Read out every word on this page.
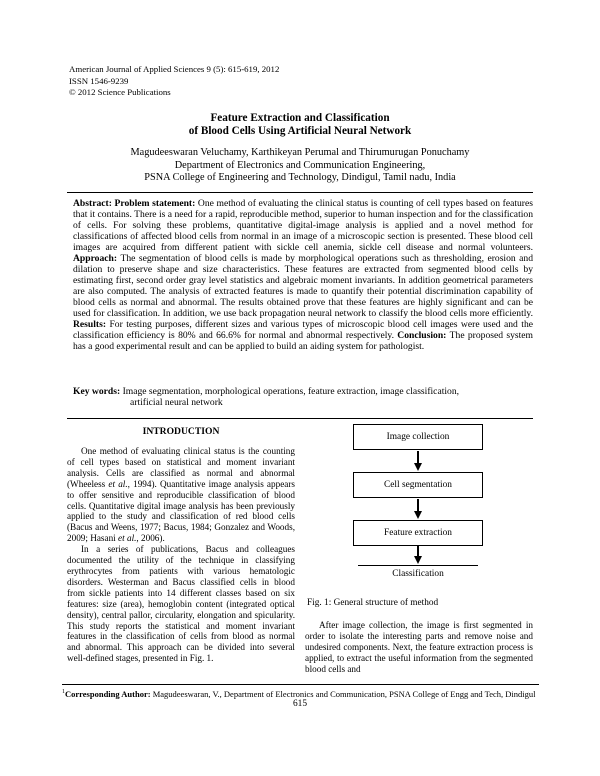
American Journal of Applied Sciences 9 (5): 615-619, 2012
ISSN 1546-9239
© 2012 Science Publications
Feature Extraction and Classification
of Blood Cells Using Artificial Neural Network
Magudeeswaran Veluchamy, Karthikeyan Perumal and Thirumurugan Ponuchamy
Department of Electronics and Communication Engineering,
PSNA College of Engineering and Technology, Dindigul, Tamil nadu, India

Abstract: Problem statement: One method of evaluating the clinical status is counting of cell types based on features that it contains. There is a need for a rapid, reproducible method, superior to human inspection and for the classification of cells. For solving these problems, quantitative digital-image analysis is applied and a novel method for classifications of affected blood cells from normal in an image of a microscopic section is presented. These blood cell images are acquired from different patient with sickle cell anemia, sickle cell disease and normal volunteers. Approach: The segmentation of blood cells is made by morphological operations such as thresholding, erosion and dilation to preserve shape and size characteristics. These features are extracted from segmented blood cells by estimating first, second order gray level statistics and algebraic moment invariants. In addition geometrical parameters are also computed. The analysis of extracted features is made to quantify their potential discrimination capability of blood cells as normal and abnormal. The results obtained prove that these features are highly significant and can be used for classification. In addition, we use back propagation neural network to classify the blood cells more efficiently. Results: For testing purposes, different sizes and various types of microscopic blood cell images were used and the classification efficiency is 80% and 66.6% for normal and abnormal respectively. Conclusion: The proposed system has a good experimental result and can be applied to build an aiding system for pathologist.

Key words: Image segmentation, morphological operations, feature extraction, image classification,
artificial neural network
INTRODUCTION

One method of evaluating clinical status is the counting of cell types based on statistical and moment invariant analysis. Cells are classified as normal and abnormal (Wheeless et al., 1994). Quantitative image analysis appears to offer sensitive and reproducible classification of blood cells. Quantitative digital image analysis has been previously applied to the study and classification of red blood cells (Bacus and Weens, 1977; Bacus, 1984; Gonzalez and Woods, 2009; Hasani et al., 2006).

In a series of publications, Bacus and colleagues documented the utility of the technique in classifying erythrocytes from patients with various hematologic disorders. Westerman and Bacus classified cells in blood from sickle patients into 14 different classes based on six features: size (area), hemoglobin content (integrated optical density), central pallor, circularity, elongation and spicularity. This study reports the statistical and moment invariant features in the classification of cells from blood as normal and abnormal. This approach can be divided into several well-defined stages, presented in Fig. 1.

Image collection
Cell segmentation
Feature extraction
Classification

Fig. 1: General structure of method

After image collection, the image is first segmented in order to isolate the interesting parts and remove noise and undesired components. Next, the feature extraction process is applied, to extract the useful information from the segmented blood cells and

$^1$Corresponding Author: Magudeeswaran, V., Department of Electronics and Communication, PSNA College of Engg and Tech, Dindigul
615
